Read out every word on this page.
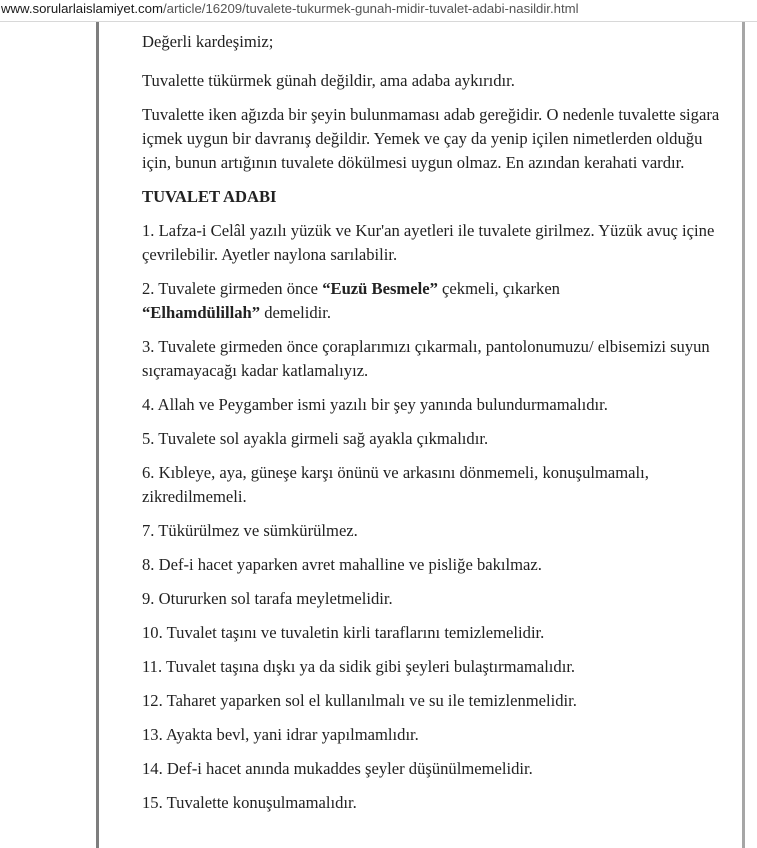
www.sorularlaislamiyet.com/article/16209/tuvalete-tukurmek-gunah-midir-tuvalet-adabi-nasildir.html

Değerli kardeşimiz;

Tuvalette tükürmek günah değildir, ama adaba aykırıdır.

Tuvalette iken ağızda bir şeyin bulunmaması adab gereğidir. O nedenle tuvalette sigara içmek uygun bir davranış değildir. Yemek ve çay da yenip içilen nimetlerden olduğu için, bunun artığının tuvalete dökülmesi uygun olmaz. En azından kerahati vardır.

TUVALET ADABI

1. Lafza-i Celâl yazılı yüzük ve Kur'an ayetleri ile tuvalete girilmez. Yüzük avuç içine çevrilebilir. Ayetler naylona sarılabilir.

2. Tuvalete girmeden önce “Euzü Besmele” çekmeli, çıkarken
“Elhamdülillah” demelidir.

3. Tuvalete girmeden önce çoraplarımızı çıkarmalı, pantolonumuzu/ elbisemizi suyun sıçramayacağı kadar katlamalıyız.

4. Allah ve Peygamber ismi yazılı bir şey yanında bulundurmamalıdır.

5. Tuvalete sol ayakla girmeli sağ ayakla çıkmalıdır.

6. Kıbleye, aya, güneşe karşı önünü ve arkasını dönmemeli, konuşulmamalı, zikredilmemeli.

7. Tükürülmez ve sümkürülmez.

8. Def-i hacet yaparken avret mahalline ve pisliğe bakılmaz.

9. Otururken sol tarafa meyletmelidir.

10. Tuvalet taşını ve tuvaletin kirli taraflarını temizlemelidir.

11. Tuvalet taşına dışkı ya da sidik gibi şeyleri bulaştırmamalıdır.

12. Taharet yaparken sol el kullanılmalı ve su ile temizlenmelidir.

13. Ayakta bevl, yani idrar yapılmamlıdır.

14. Def-i hacet anında mukaddes şeyler düşünülmemelidir.

15. Tuvalette konuşulmamalıdır.
